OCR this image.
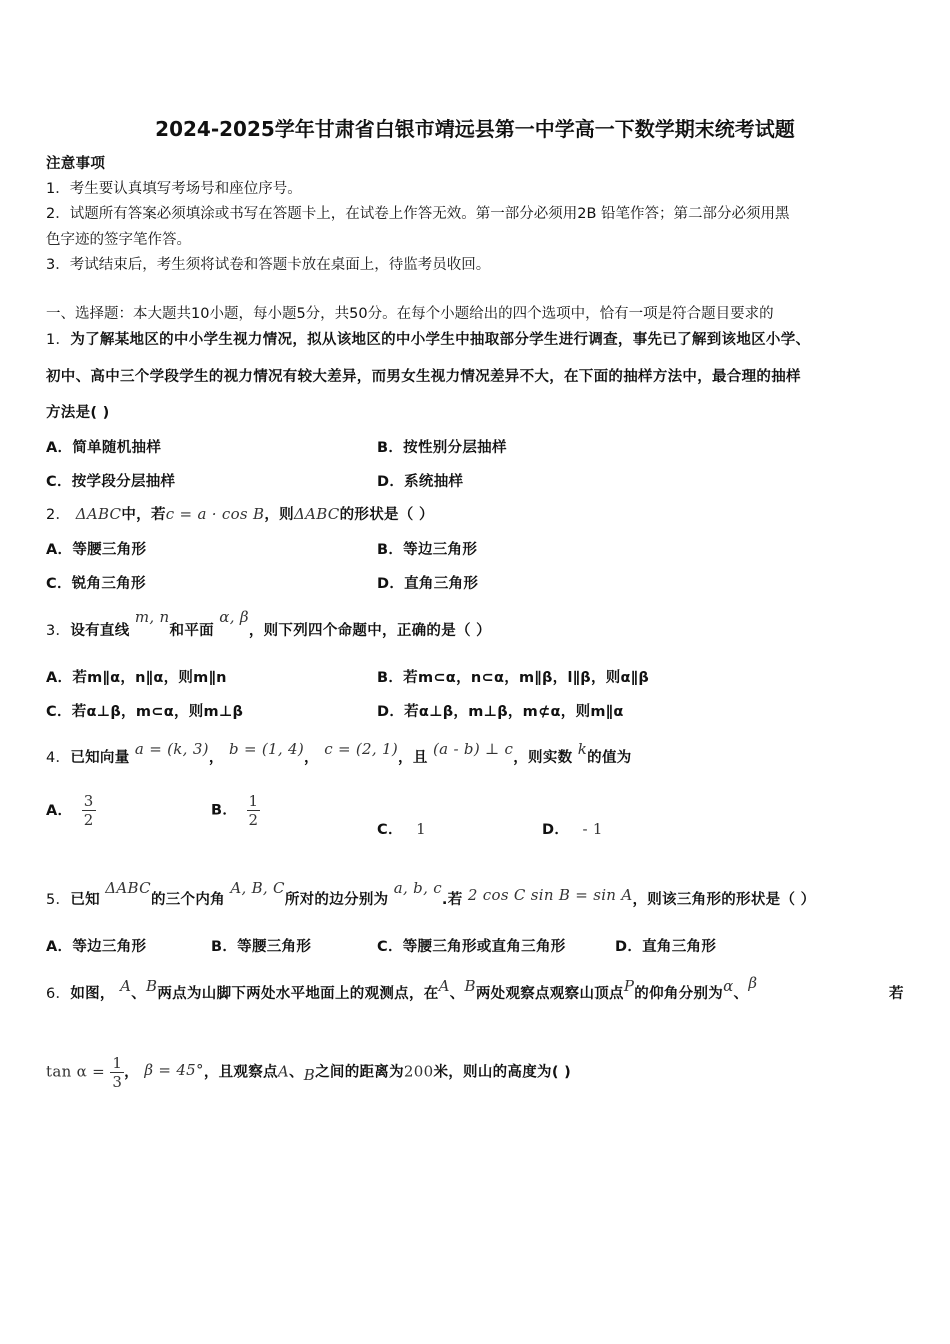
2024-2025学年甘肃省白银市靖远县第一中学高一下数学期末统考试题
注意事项
1．考生要认真填写考场号和座位序号。
2．试题所有答案必须填涂或书写在答题卡上，在试卷上作答无效。第一部分必须用2B 铅笔作答；第二部分必须用黑
色字迹的签字笔作答。
3．考试结束后，考生须将试卷和答题卡放在桌面上，待监考员收回。
一、选择题：本大题共10小题，每小题5分，共50分。在每个小题给出的四个选项中，恰有一项是符合题目要求的
1．为了解某地区的中小学生视力情况，拟从该地区的中小学生中抽取部分学生进行调查，事先已了解到该地区小学、
初中、高中三个学段学生的视力情况有较大差异，而男女生视力情况差异不大，在下面的抽样方法中，最合理的抽样
方法是( )
A．简单随机抽样	B．按性别分层抽样
C．按学段分层抽样	D．系统抽样
2． ΔABC中，若c = a · cos B，则ΔABC的形状是（ ）
A．等腰三角形	B．等边三角形
C．锐角三角形	D．直角三角形
3．设有直线 m, n和平面 α, β，则下列四个命题中，正确的是（ ）
A．若m∥α，n∥α，则m∥n	B．若m⊂α，n⊂α，m∥β，l∥β，则α∥β
C．若α⊥β，m⊂α，则m⊥β	D．若α⊥β，m⊥β，m⊄α，则m∥α
4．已知向量 a = (k, 3)， b = (1, 4)， c = (2, 1)，且 (a - b) ⊥ c，则实数 k的值为
A． $\frac{3}{2}$	B． $\frac{1}{2}$
C． 1	D． - 1
5．已知 ΔABC的三个内角 A, B, C所对的边分别为 a, b, c.若 2 cos C sin B = sin A，则该三角形的形状是（ ）
A．等边三角形	B．等腰三角形	C．等腰三角形或直角三角形	D．直角三角形
6．如图， A、B两点为山脚下两处水平地面上的观测点，在A、B两处观察点观察山顶点P的仰角分别为α、β
若
$\tan \alpha = \frac{1}{3}$ ， β = 45°，且观察点A、B之间的距离为200米，则山的高度为( )
